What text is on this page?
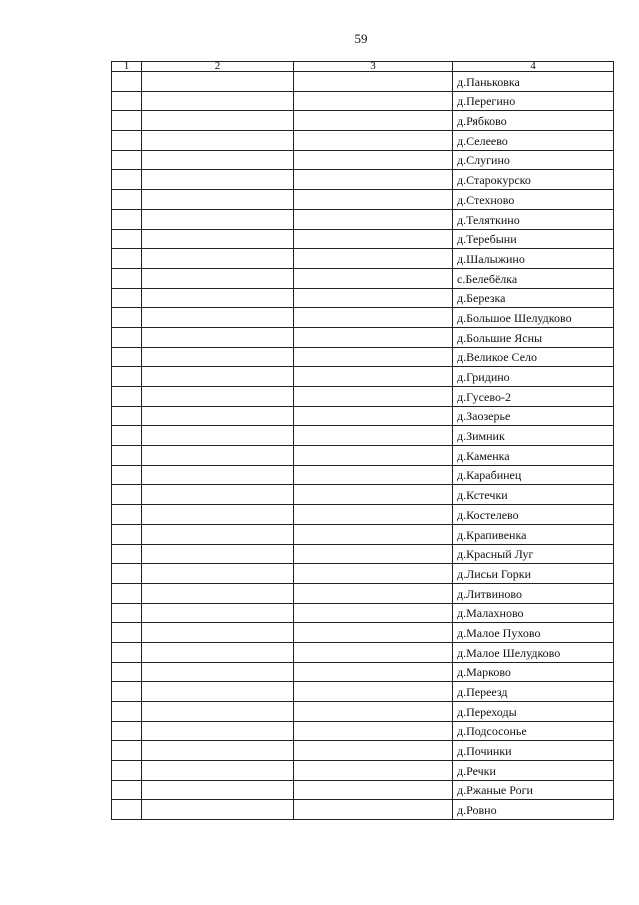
59
1	2	3	4
			д.Паньковка
			д.Перегино
			д.Рябково
			д.Селеево
			д.Слугино
			д.Старокурско
			д.Стехново
			д.Теляткино
			д.Теребыни
			д.Шалыжино
			с.Белебёлка
			д.Березка
			д.Большое Шелудково
			д.Большие Ясны
			д.Великое Село
			д.Гридино
			д.Гусево-2
			д.Заозерье
			д.Зимник
			д.Каменка
			д.Карабинец
			д.Кстечки
			д.Костелево
			д.Крапивенка
			д.Красный Луг
			д.Лисьи Горки
			д.Литвиново
			д.Малахново
			д.Малое Пухово
			д.Малое Шелудково
			д.Марково
			д.Переезд
			д.Переходы
			д.Подсосонье
			д.Починки
			д.Речки
			д.Ржаные Роги
			д.Ровно
